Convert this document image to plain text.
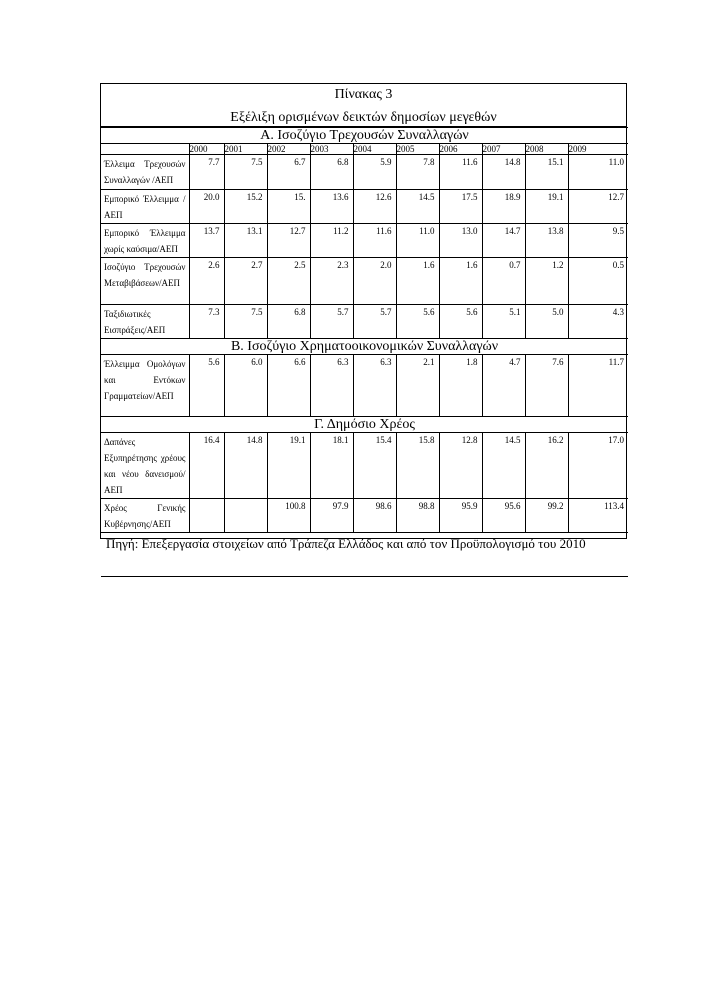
Πίνακας 3
Εξέλιξη ορισμένων δεικτών δημοσίων μεγεθών
Α. Ισοζύγιο Τρεχουσών Συναλλαγών										
	2000	2001	2002	2003	2004	2005	2006	2007	2008	2009
Έλλειμα Τρεχουσών Συναλλαγών /ΑΕΠ	7.7	7.5	6.7	6.8	5.9	7.8	11.6	14.8	15.1	11.0
Εμπορικό Έλλειμμα / ΑΕΠ	20.0	15.2	15.	13.6	12.6	14.5	17.5	18.9	19.1	12.7
Εμπορικό Έλλειμμα χωρίς καύσιμα/ΑΕΠ	13.7	13.1	12.7	11.2	11.6	11.0	13.0	14.7	13.8	9.5
Ισοζύγιο Τρεχουσών Μεταβιβάσεων/ΑΕΠ	2.6	2.7	2.5	2.3	2.0	1.6	1.6	0.7	1.2	0.5
Ταξιδιωτικές Εισπράξεις/ΑΕΠ	7.3	7.5	6.8	5.7	5.7	5.6	5.6	5.1	5.0	4.3
Β. Ισοζύγιο Χρηματοοικονομικών Συναλλαγών										
Έλλειμμα Ομολόγων και Εντόκων Γραμματείων/ΑΕΠ	5.6	6.0	6.6	6.3	6.3	2.1	1.8	4.7	7.6	11.7
Γ. Δημόσιο Χρέος										
Δαπάνες Εξυπηρέτησης χρέους και νέου δανεισμού/ΑΕΠ	16.4	14.8	19.1	18.1	15.4	15.8	12.8	14.5	16.2	17.0
Χρέος Γενικής Κυβέρνησης/ΑΕΠ			100.8	97.9	98.6	98.8	95.9	95.6	99.2	113.4
Πηγή: Επεξεργασία στοιχείων από Τράπεζα Ελλάδος και από τον Προϋπολογισμό του 2010										
